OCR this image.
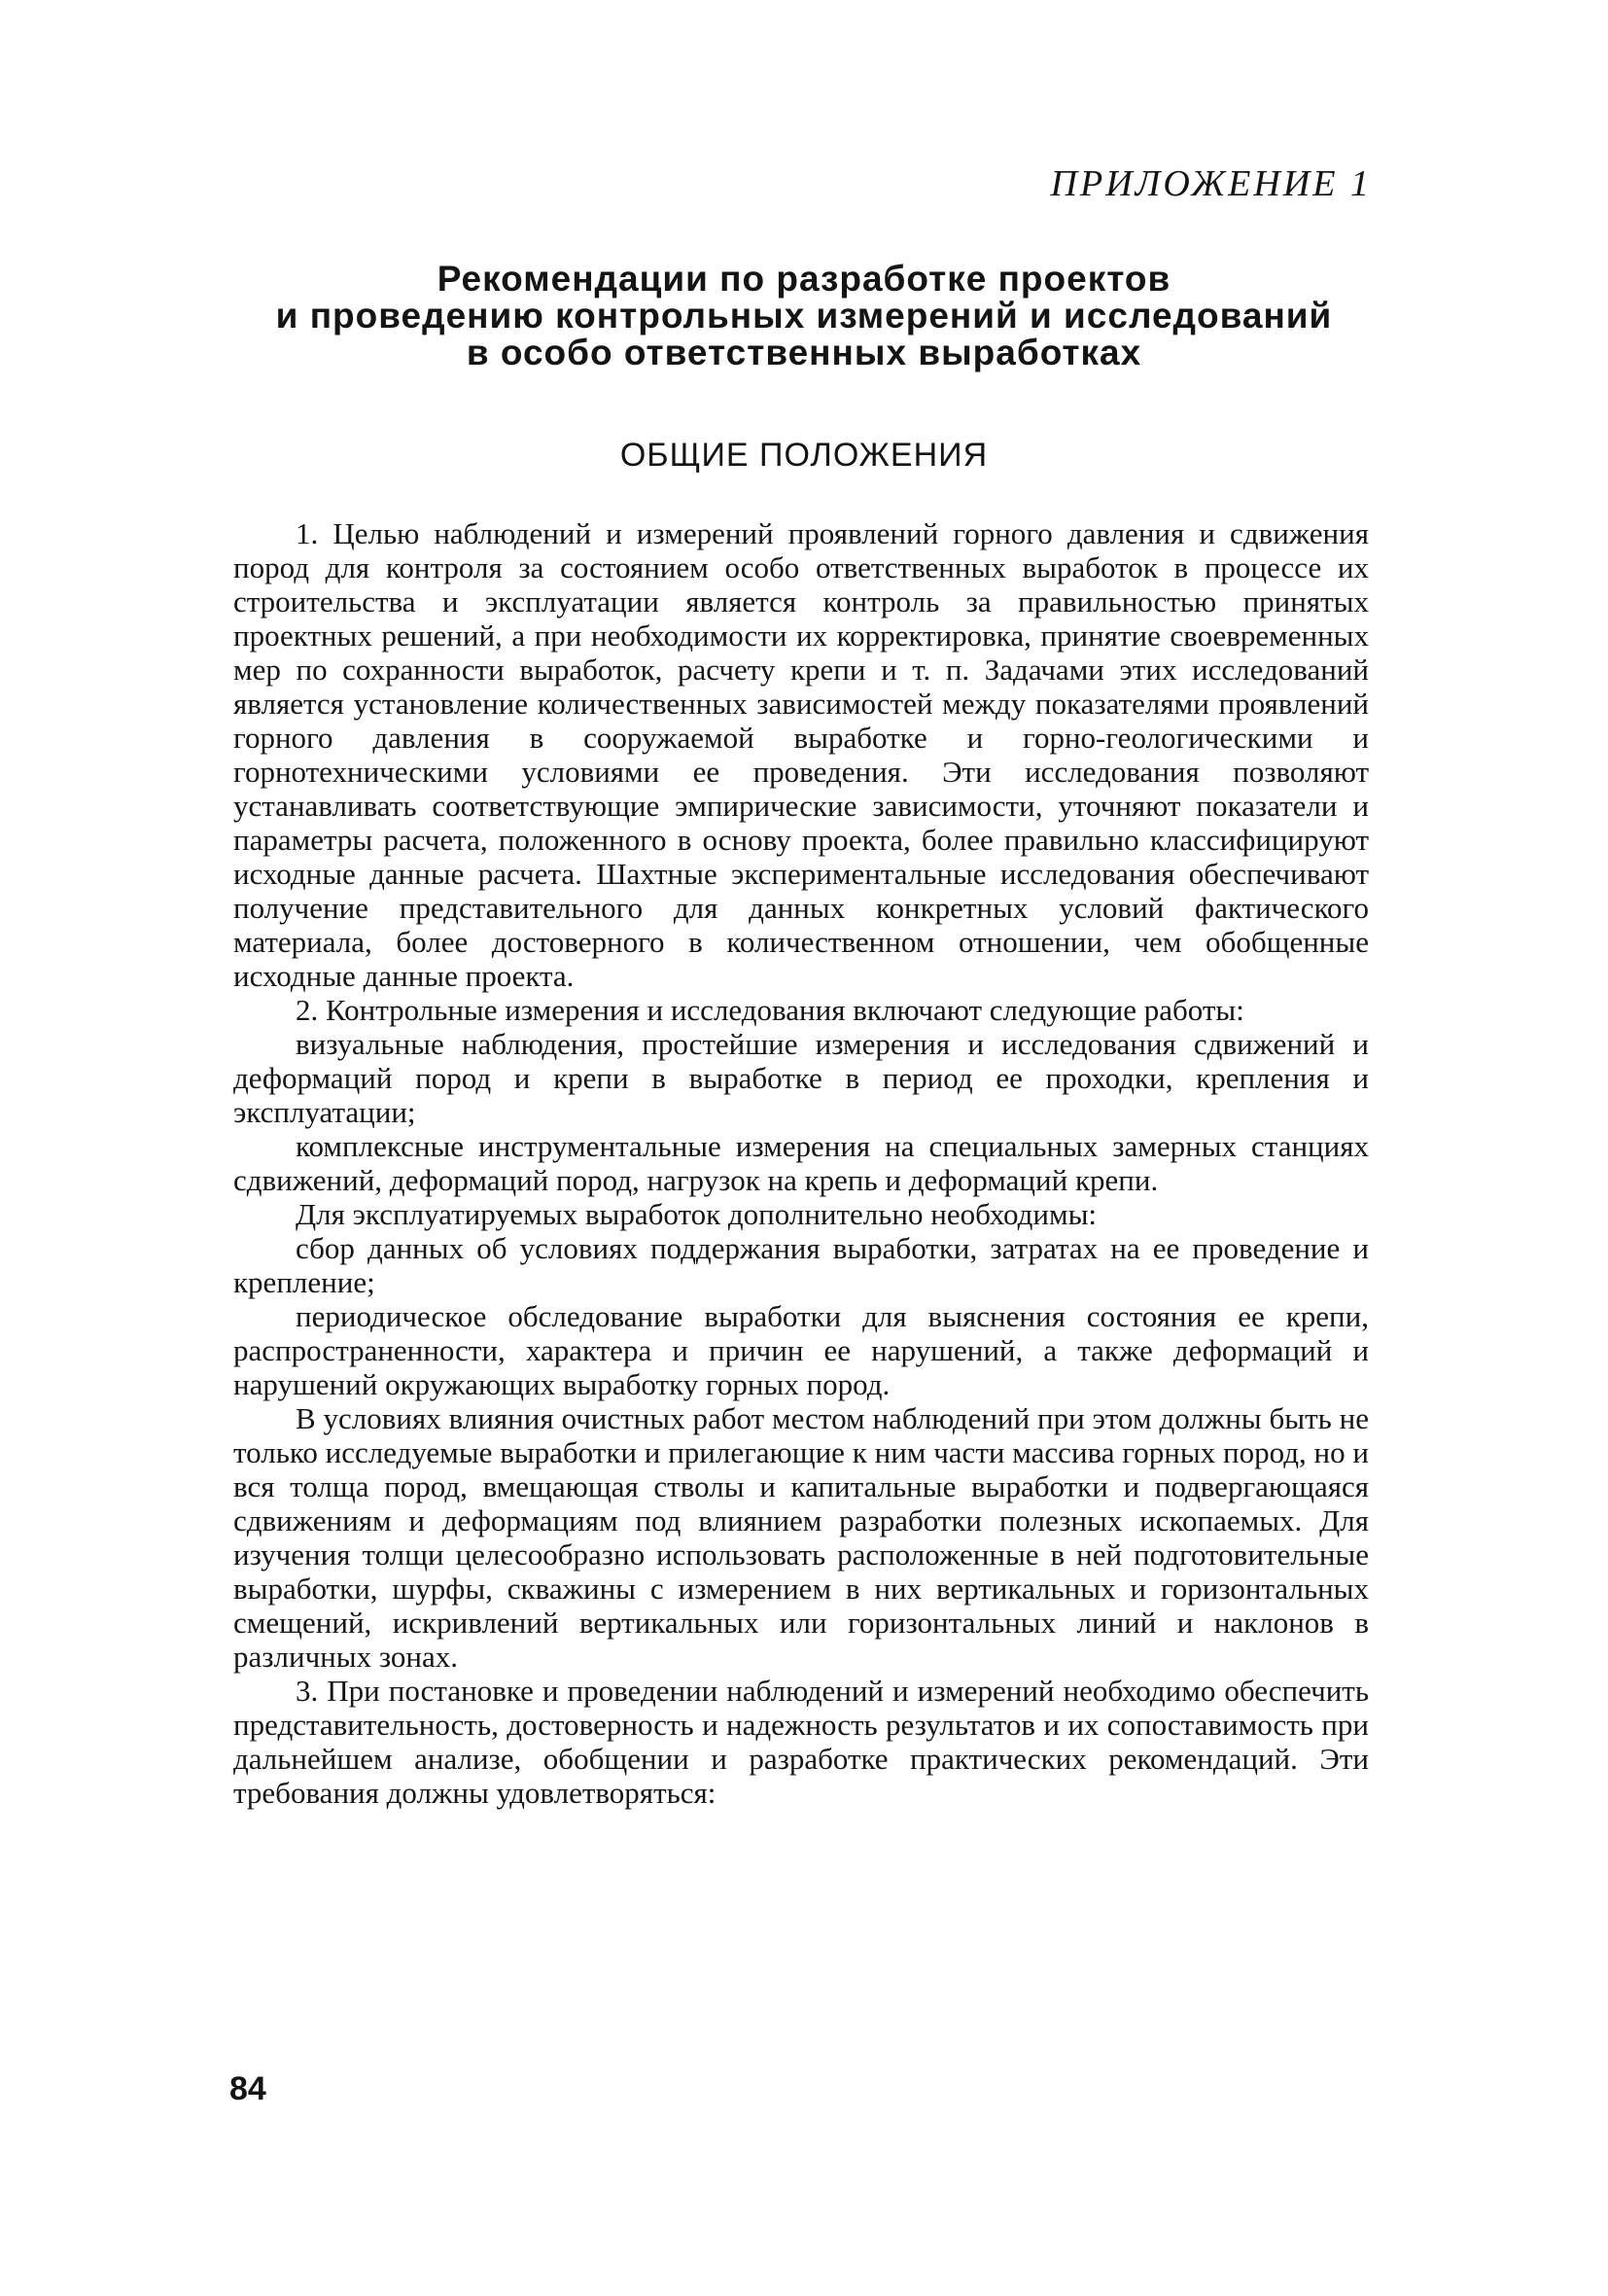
ПРИЛОЖЕНИЕ 1
Рекомендации по разработке проектов
и проведению контрольных измерений и исследований
в особо ответственных выработках
ОБЩИЕ ПОЛОЖЕНИЯ

1. Целью наблюдений и измерений проявлений горного давления и сдвижения пород для контроля за состоянием особо ответственных выработок в процессе их строительства и эксплуатации является контроль за правильностью принятых проектных решений, а при необходимости их корректировка, принятие своевременных мер по сохранности выработок, расчету крепи и т. п. Задачами этих исследований является установление количественных зависимостей между показателями проявлений горного давления в сооружаемой выработке и горно-геологическими и горнотехническими условиями ее проведения. Эти исследования позволяют устанавливать соответствующие эмпирические зависимости, уточняют показатели и параметры расчета, положенного в основу проекта, более правильно классифицируют исходные данные расчета. Шахтные экспериментальные исследования обеспечивают получение представительного для данных конкретных условий фактического материала, более достоверного в количественном отношении, чем обобщенные исходные данные проекта.

2. Контрольные измерения и исследования включают следующие работы:

визуальные наблюдения, простейшие измерения и исследования сдвижений и деформаций пород и крепи в выработке в период ее проходки, крепления и эксплуатации;

комплексные инструментальные измерения на специальных замерных станциях сдвижений, деформаций пород, нагрузок на крепь и деформаций крепи.

Для эксплуатируемых выработок дополнительно необходимы:

сбор данных об условиях поддержания выработки, затратах на ее проведение и крепление;

периодическое обследование выработки для выяснения состояния ее крепи, распространенности, характера и причин ее нарушений, а также деформаций и нарушений окружающих выработку горных пород.

В условиях влияния очистных работ местом наблюдений при этом должны быть не только исследуемые выработки и прилегающие к ним части массива горных пород, но и вся толща пород, вмещающая стволы и капитальные выработки и подвергающаяся сдвижениям и деформациям под влиянием разработки полезных ископаемых. Для изучения толщи целесообразно использовать расположенные в ней подготовительные выработки, шурфы, скважины с измерением в них вертикальных и горизонтальных смещений, искривлений вертикальных или горизонтальных линий и наклонов в различных зонах.

3. При постановке и проведении наблюдений и измерений необходимо обеспечить представительность, достоверность и надежность результатов и их сопоставимость при дальнейшем анализе, обобщении и разработке практических рекомендаций. Эти требования должны удовлетворяться:

84
